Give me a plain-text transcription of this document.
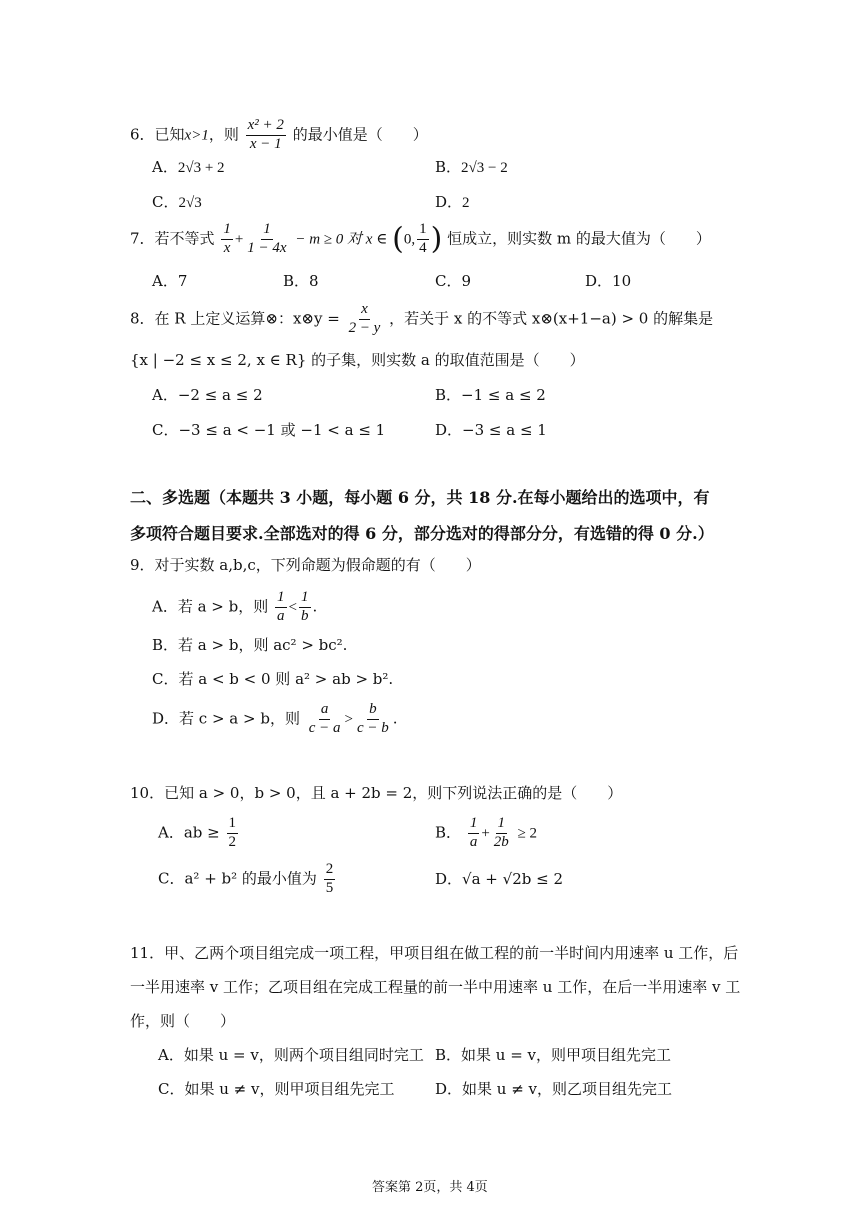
6．已知x>1，则 $\frac{\text{x² + 2}}{x - 1}$ 的最小值是（　　）
A．2√3 + 2	B．2√3 − 2
C．2√3	D．2
7．若不等式 $\frac{1}{x} + \frac{1}{1 - 4x} - m \ge 0$ 对 x ∈ (0, $\frac{1}{4}$ ) 恒成立，则实数 m 的最大值为（　　）
A．7	B．8	C．9	D．10
8．在 R 上定义运算⊗：x⊗y = $\frac{x}{2 - y}$ ，若关于 x 的不等式 x⊗(x+1−a) > 0 的解集是
{x | −2 ≤ x ≤ 2, x ∈ R} 的子集，则实数 a 的取值范围是（　　）
A．−2 ≤ a ≤ 2	B．−1 ≤ a ≤ 2
C．−3 ≤ a < −1 或 −1 < a ≤ 1	D．−3 ≤ a ≤ 1
二、多选题（本题共 3 小题，每小题 6 分，共 18 分.在每小题给出的选项中，有
多项符合题目要求.全部选对的得 6 分，部分选对的得部分分，有选错的得 0 分.）
9．对于实数 a,b,c，下列命题为假命题的有（　　）
A．若 a > b，则 $\frac{1}{a} < \frac{1}{b}$ .
B．若 a > b，则 ac² > bc².
C．若 a < b < 0 则 a² > ab > b².
D．若 c > a > b，则 $\frac{a}{c - a} > \frac{b}{c - b}$ .
10．已知 a > 0，b > 0，且 a + 2b = 2，则下列说法正确的是（　　）
A．ab ≥ $\frac{1}{2}$	B． $\frac{1}{a} + \frac{1}{2b} \ge 2$
C．a² + b² 的最小值为 $\frac{2}{5}$	D．√a + √2b ≤ 2
11．甲、乙两个项目组完成一项工程，甲项目组在做工程的前一半时间内用速率 u 工作，后
一半用速率 v 工作；乙项目组在完成工程量的前一半中用速率 u 工作，在后一半用速率 v 工
作，则（　　）
A．如果 u = v，则两个项目组同时完工 B．如果 u = v，则甲项目组先完工
C．如果 u ≠ v，则甲项目组先完工	D．如果 u ≠ v，则乙项目组先完工
答案第 2页，共 4页
